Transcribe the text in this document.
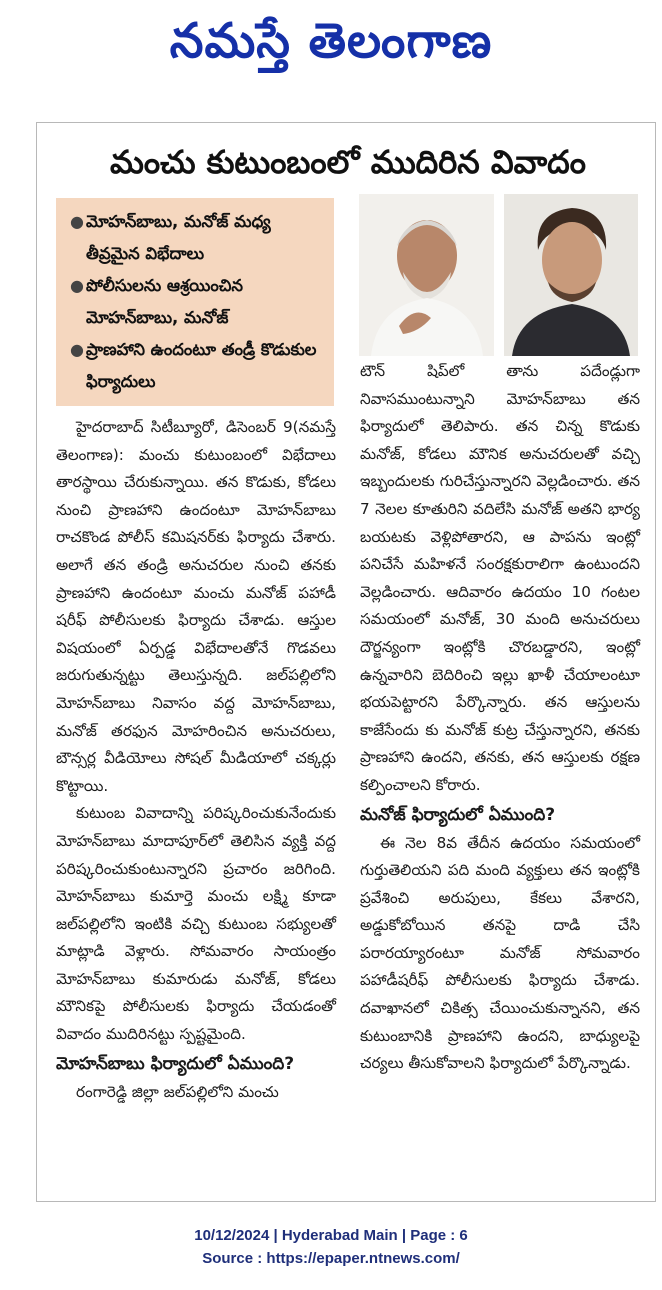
నమస్తే తెలంగాణ
మంచు కుటుంబంలో ముదిరిన వివాదం
● మోహన్‌బాబు, మనోజ్ మధ్య తీవ్రమైన విభేదాలు
● పోలీసులను ఆశ్రయించిన మోహన్‌బాబు, మనోజ్
● ప్రాణహాని ఉందంటూ తండ్రీ కొడుకుల ఫిర్యాదులు

హైదరాబాద్ సిటీబ్యూరో, డిసెంబర్ 9(నమస్తే తెలంగాణ): మంచు కుటుంబంలో విభేదాలు తారస్థాయి చేరుకున్నాయి. తన కొడుకు, కోడలు నుంచి ప్రాణహాని ఉందంటూ మోహన్‌బాబు రాచకొండ పోలీస్ కమిషనర్‌కు ఫిర్యాదు చేశారు. అలాగే తన తండ్రి అనుచరుల నుంచి తనకు ప్రాణహాని ఉందంటూ మంచు మనోజ్ పహాడీ షరీఫ్ పోలీసులకు ఫిర్యాదు చేశాడు. ఆస్తుల విషయంలో ఏర్పడ్డ విభేదాలతోనే గొడవలు జరుగుతున్నట్టు తెలుస్తున్నది. జల్‌పల్లిలోని మోహన్‌బాబు నివాసం వద్ద మోహన్‌బాబు, మనోజ్ తరఫున మోహరించిన అనుచరులు, బౌన్సర్ల వీడియోలు సోషల్ మీడియాలో చక్కర్లు కొట్టాయి.

కుటుంబ వివాదాన్ని పరిష్కరించుకునేందుకు మోహన్‌బాబు మాదాపూర్‌లో తెలిసిన వ్యక్తి వద్ద పరిష్కరించుకుంటున్నారని ప్రచారం జరిగింది. మోహన్‌బాబు కుమార్తె మంచు లక్ష్మి కూడా జల్‌పల్లిలోని ఇంటికి వచ్చి కుటుంబ సభ్యులతో మాట్లాడి వెళ్లారు. సోమవారం సాయంత్రం మోహన్‌బాబు కుమారుడు మనోజ్, కోడలు మౌనికపై పోలీసులకు ఫిర్యాదు చేయడంతో వివాదం ముదిరినట్టు స్పష్టమైంది.

మోహన్‌బాబు ఫిర్యాదులో ఏముంది?

రంగారెడ్డి జిల్లా జల్‌పల్లిలోని మంచు

టౌన్ షిప్‌లో తాను పదేండ్లుగా నివాసముంటున్నాని మోహన్‌బాబు తన ఫిర్యాదులో తెలిపారు. తన చిన్న కొడుకు మనోజ్, కోడలు మౌనిక అనుచరులతో వచ్చి ఇబ్బందులకు గురిచేస్తున్నారని వెల్లడించారు. తన 7 నెలల కూతురిని వదిలేసి మనోజ్ అతని భార్య బయటకు వెళ్లిపోతారని, ఆ పాపను ఇంట్లో పనిచేసే మహిళనే సంరక్షకురాలిగా ఉంటుందని వెల్లడించారు. ఆదివారం ఉదయం 10 గంటల సమయంలో మనోజ్, 30 మంది అనుచరులు దౌర్జన్యంగా ఇంట్లోకి చొరబడ్డారని, ఇంట్లో ఉన్నవారిని బెదిరించి ఇల్లు ఖాళీ చేయాలంటూ భయపెట్టారని పేర్కొన్నారు. తన ఆస్తులను కాజేసేందు కు మనోజ్ కుట్ర చేస్తున్నారని, తనకు ప్రాణహాని ఉందని, తనకు, తన ఆస్తులకు రక్షణ కల్పించాలని కోరారు.

మనోజ్ ఫిర్యాదులో ఏముంది?

ఈ నెల 8వ తేదీన ఉదయం సమయంలో గుర్తుతెలియని పది మంది వ్యక్తులు తన ఇంట్లోకి ప్రవేశించి అరుపులు, కేకలు వేశారని, అడ్డుకోబోయిన తనపై దాడి చేసి పరారయ్యారంటూ మనోజ్ సోమవారం పహాడీషరీఫ్ పోలీసులకు ఫిర్యాదు చేశాడు. దవాఖానలో చికిత్స చేయించుకున్నానని, తన కుటుంబానికి ప్రాణహాని ఉందని, బాధ్యులపై చర్యలు తీసుకోవాలని ఫిర్యాదులో పేర్కొన్నాడు.

10/12/2024 | Hyderabad Main | Page : 6
Source : https://epaper.ntnews.com/
